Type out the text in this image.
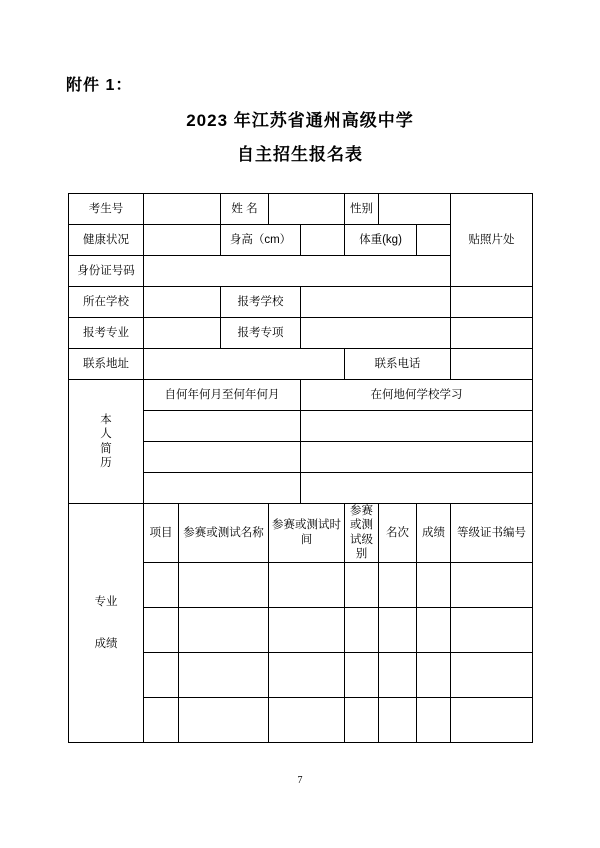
附件 1：
2023 年江苏省通州高级中学
自主招生报名表
考生号			姓 名			性别			贴照片处
健康状况			身高（cm）			体重(kg)			
身份证号码									
所在学校			报考学校						
报考专业			报考专项						
联系地址						联系电话			

本
人
简
历	自何年何月至何年何月				在何地何学校学习				

专业
成绩	项目	参赛或测试名称		参赛或测试时间		参赛或测试级别	名次	成绩	等级证书编号

7
